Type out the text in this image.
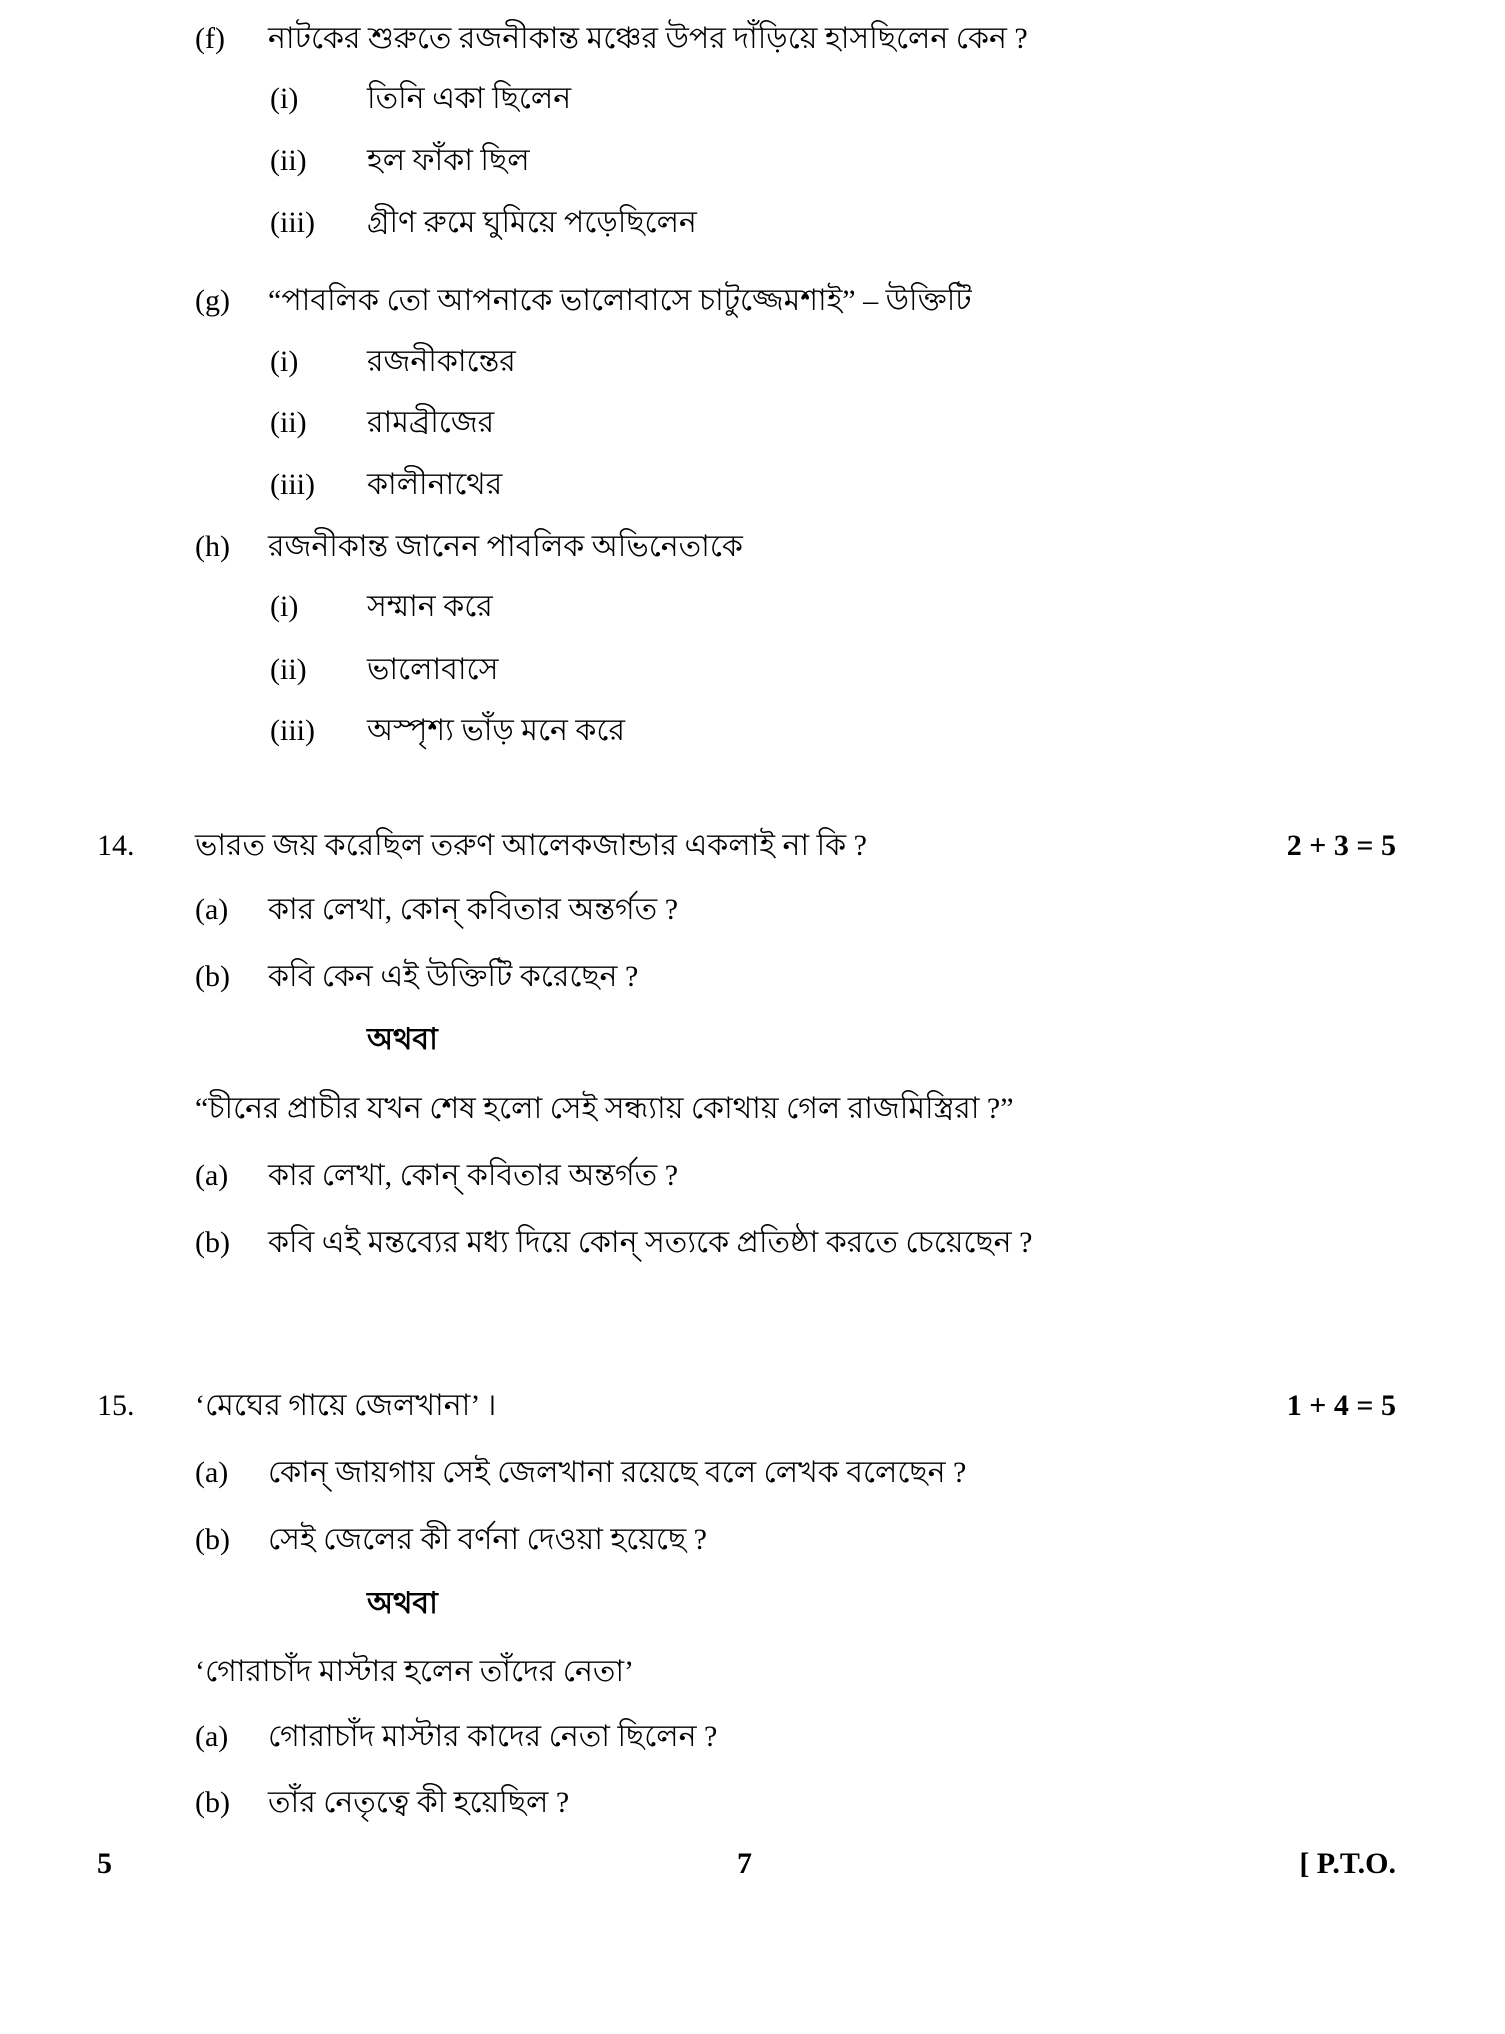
(f) নাটকের শুরুতে রজনীকান্ত মঞ্চের উপর দাঁড়িয়ে হাসছিলেন কেন ?
(i) তিনি একা ছিলেন
(ii) হল ফাঁকা ছিল
(iii) গ্রীণ রুমে ঘুমিয়ে পড়েছিলেন
(g) “পাবলিক তো আপনাকে ভালোবাসে চাটুজ্জেমশাই” – উক্তিটি
(i) রজনীকান্তের
(ii) রামব্রীজের
(iii) কালীনাথের
(h) রজনীকান্ত জানেন পাবলিক অভিনেতাকে
(i) সম্মান করে
(ii) ভালোবাসে
(iii) অস্পৃশ্য ভাঁড় মনে করে
14. ভারত জয় করেছিল তরুণ আলেকজান্ডার একলাই না কি ?	2 + 3 = 5
(a) কার লেখা, কোন্ কবিতার অন্তর্গত ?
(b) কবি কেন এই উক্তিটি করেছেন ?
অথবা
“চীনের প্রাচীর যখন শেষ হলো সেই সন্ধ্যায় কোথায় গেল রাজমিস্ত্রিরা ?”
(a) কার লেখা, কোন্ কবিতার অন্তর্গত ?
(b) কবি এই মন্তব্যের মধ্য দিয়ে কোন্ সত্যকে প্রতিষ্ঠা করতে চেয়েছেন ?
15. ‘মেঘের গায়ে জেলখানা’ ।	1 + 4 = 5
(a) কোন্ জায়গায় সেই জেলখানা রয়েছে বলে লেখক বলেছেন ?
(b) সেই জেলের কী বর্ণনা দেওয়া হয়েছে ?
অথবা
‘গোরাচাঁদ মাস্টার হলেন তাঁদের নেতা’
(a) গোরাচাঁদ মাস্টার কাদের নেতা ছিলেন ?
(b) তাঁর নেতৃত্বে কী হয়েছিল ?
5	7	[ P.T.O.
